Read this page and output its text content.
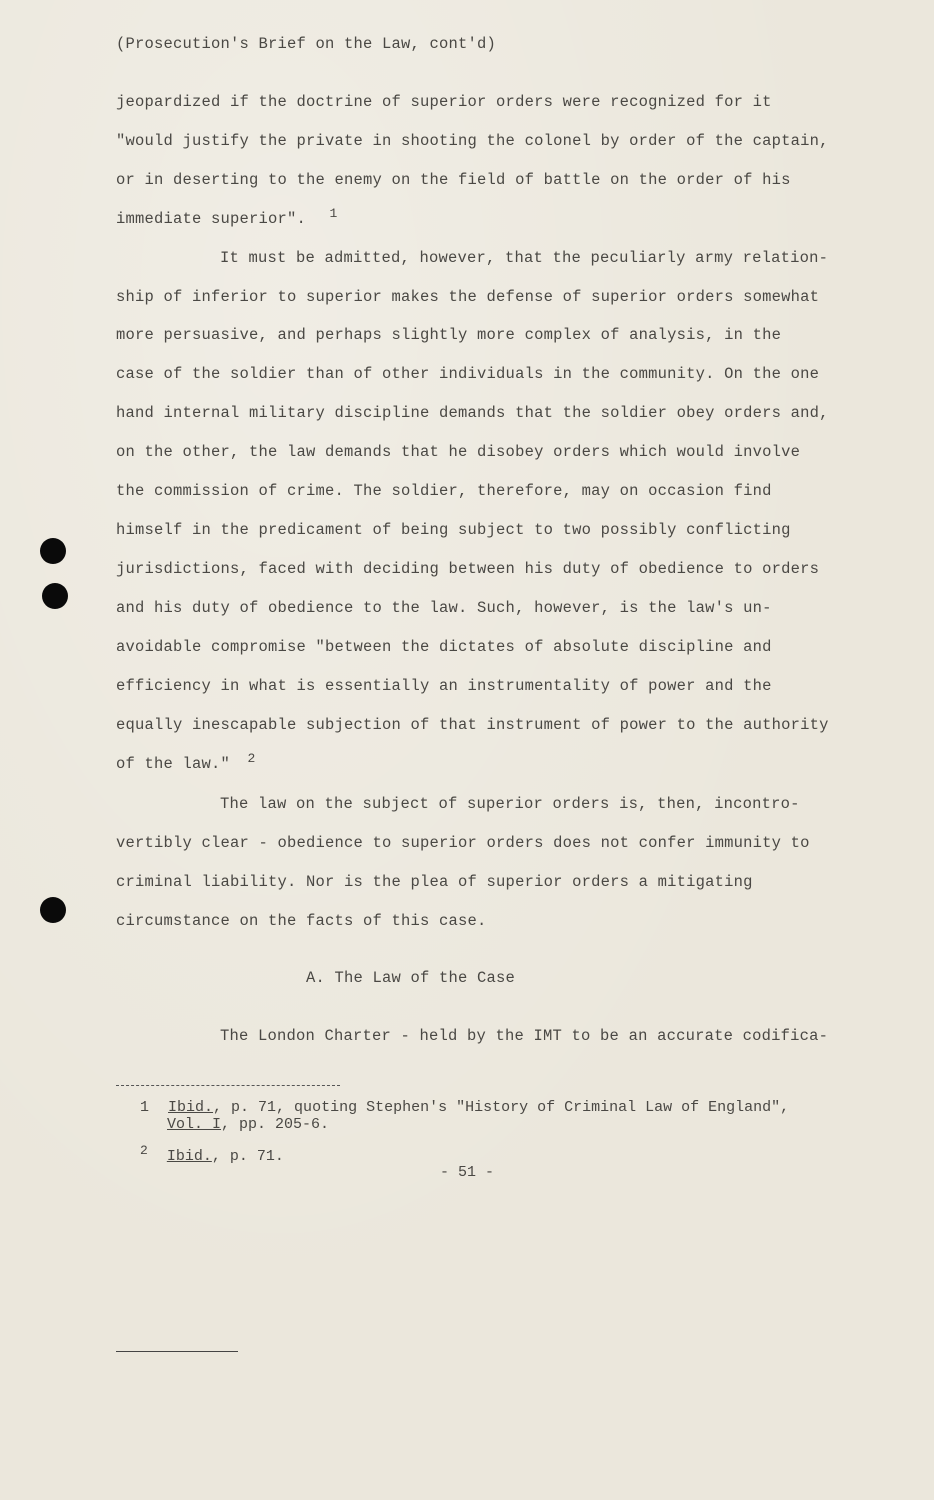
(Prosecution's Brief on the Law, cont'd)
jeopardized if the doctrine of superior orders were recognized for it
"would justify the private in shooting the colonel by order of the captain,
or in deserting to the enemy on the field of battle on the order of his
immediate superior". $^1$
It must be admitted, however, that the peculiarly army relation-
ship of inferior to superior makes the defense of superior orders somewhat
more persuasive, and perhaps slightly more complex of analysis, in the
case of the soldier than of other individuals in the community. On the one
hand internal military discipline demands that the soldier obey orders and,
on the other, the law demands that he disobey orders which would involve
the commission of crime. The soldier, therefore, may on occasion find
himself in the predicament of being subject to two possibly conflicting
jurisdictions, faced with deciding between his duty of obedience to orders
and his duty of obedience to the law. Such, however, is the law's un-
avoidable compromise "between the dictates of absolute discipline and
efficiency in what is essentially an instrumentality of power and the
equally inescapable subjection of that instrument of power to the authority
of the law." $^2$
The law on the subject of superior orders is, then, incontro-
vertibly clear - obedience to superior orders does not confer immunity to
criminal liability. Nor is the plea of superior orders a mitigating
circumstance on the facts of this case.
A. The Law of the Case
The London Charter - held by the IMT to be an accurate codifica-
1 Ibid., p. 71, quoting Stephen's "History of Criminal Law of England",
Vol. I, pp. 205-6.
2 Ibid., p. 71.
- 51 -
